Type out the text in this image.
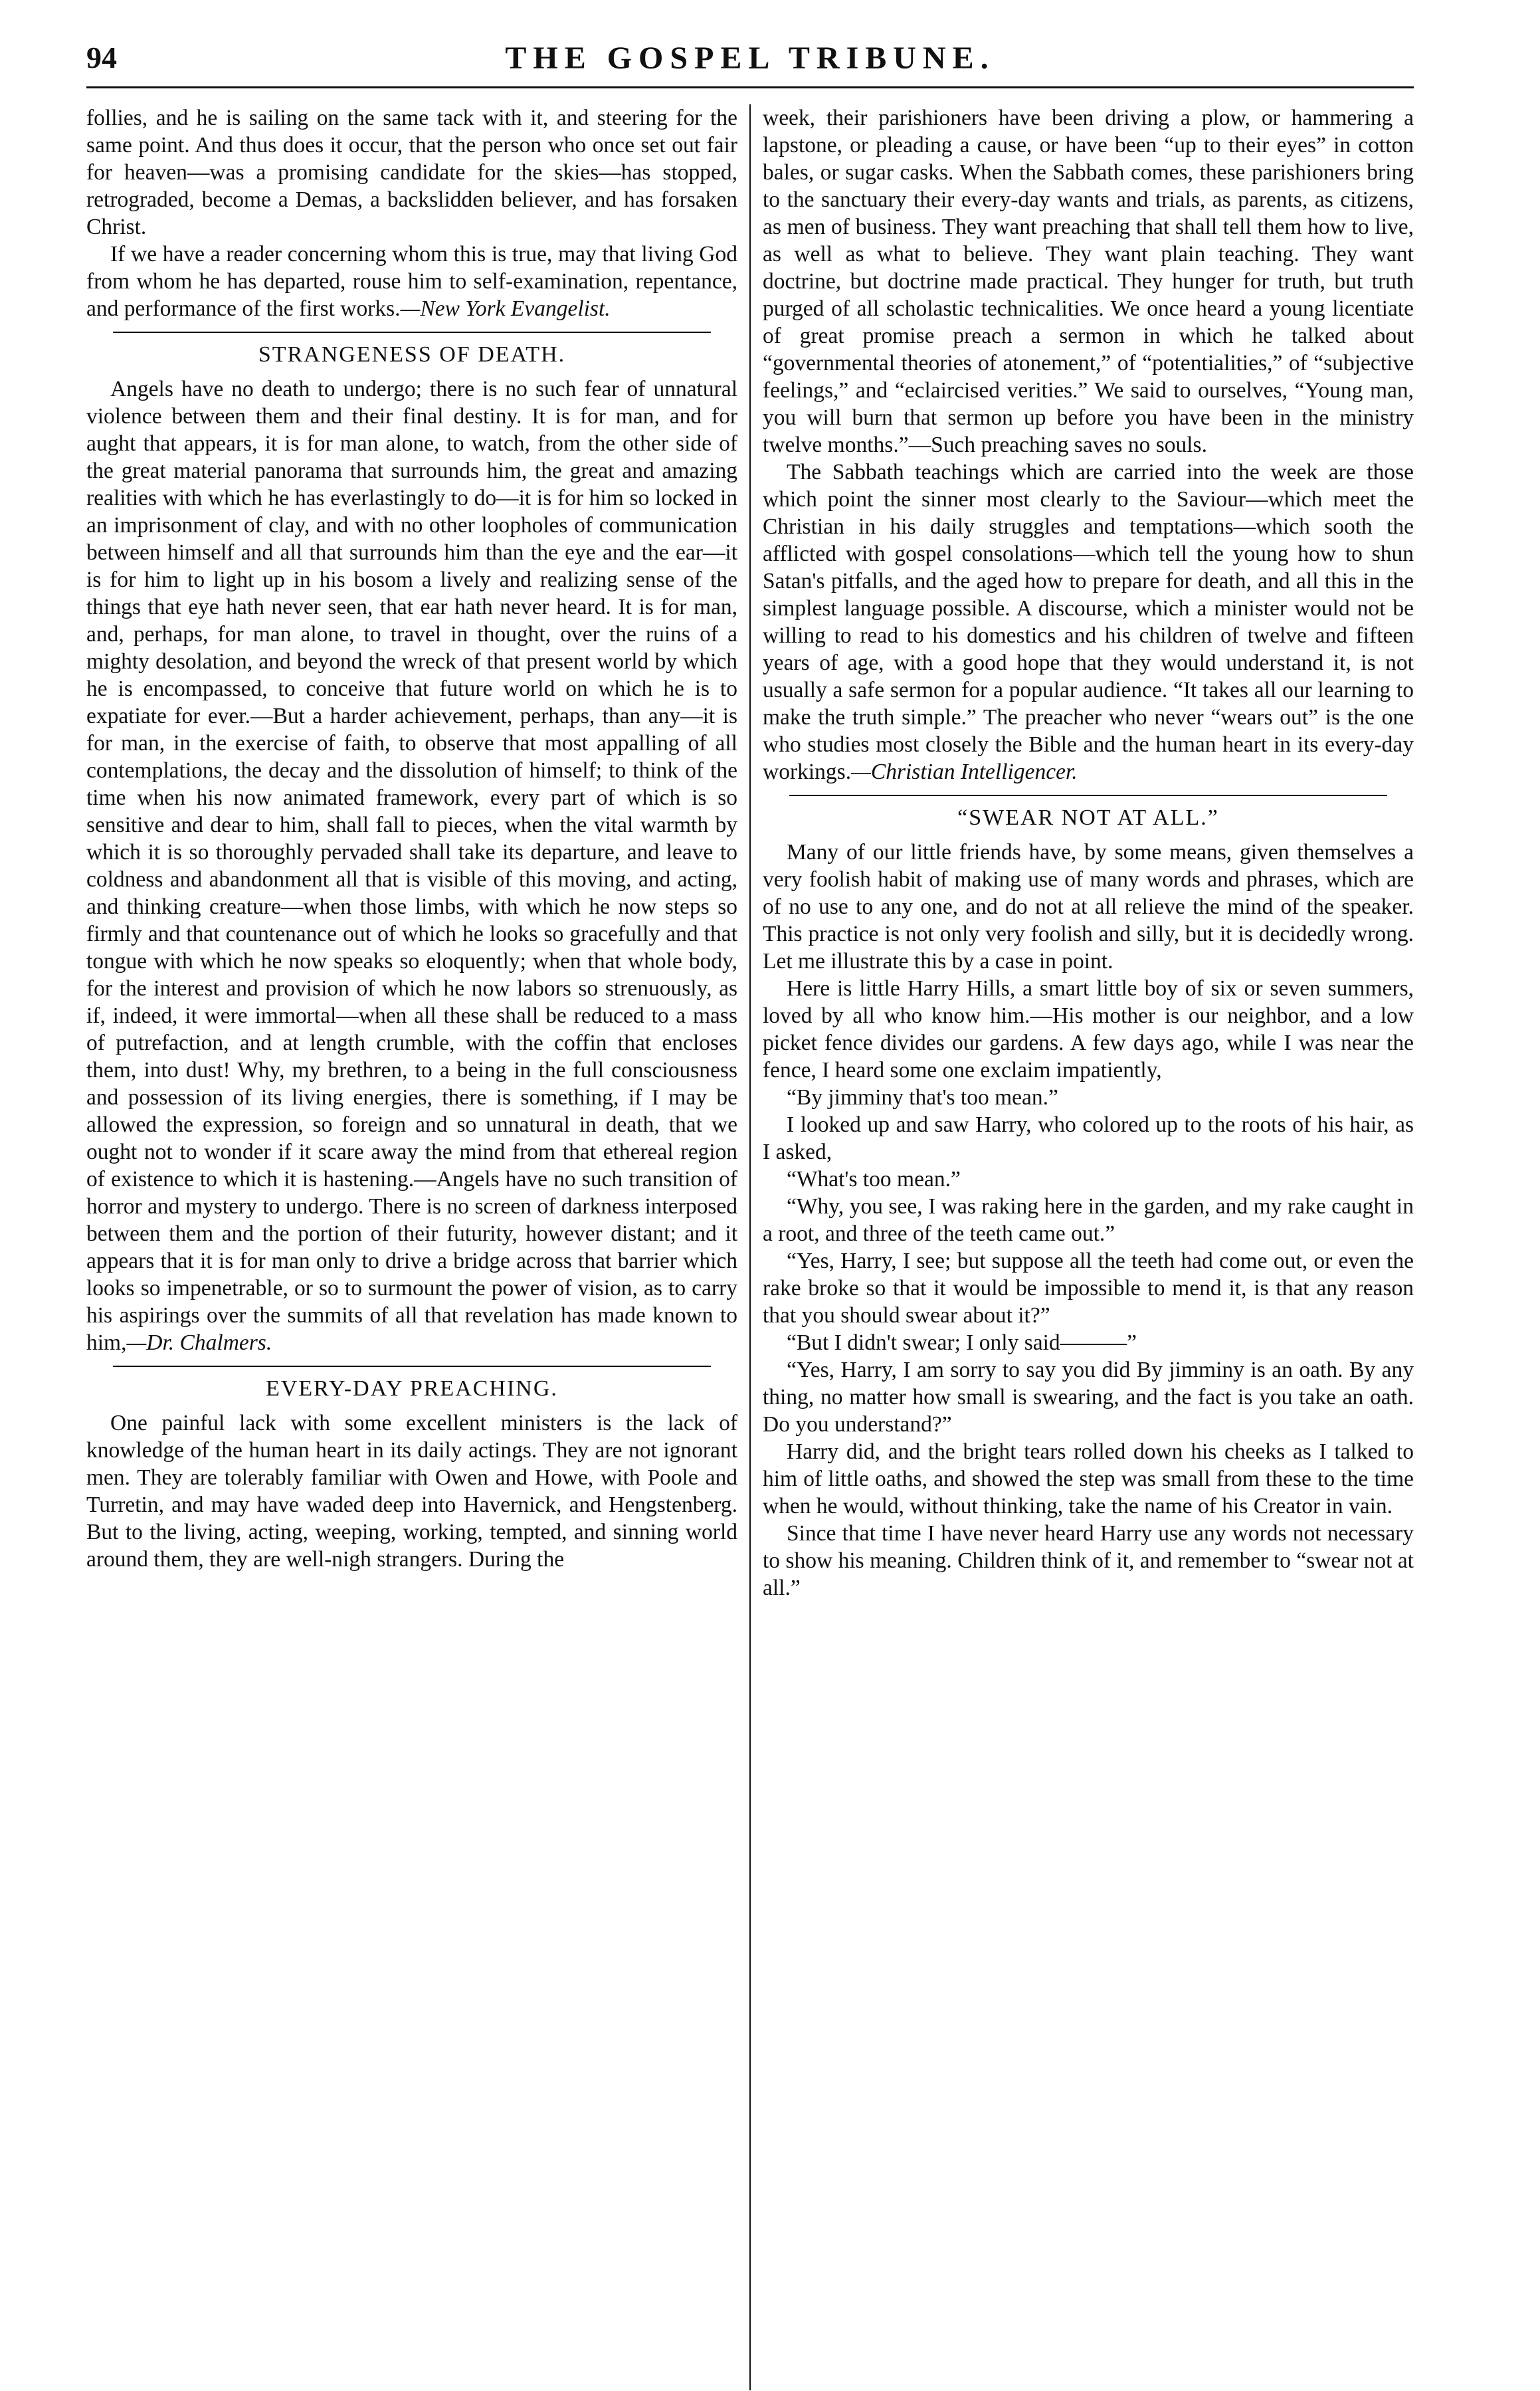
94	THE GOSPEL TRIBUNE.

follies, and he is sailing on the same tack with it, and steering for the same point. And thus does it occur, that the person who once set out fair for heaven—was a promising candidate for the skies—has stopped, retrograded, become a Demas, a backslidden believer, and has forsaken Christ.

If we have a reader concerning whom this is true, may that living God from whom he has departed, rouse him to self-examination, repentance, and performance of the first works.—New York Evangelist.

STRANGENESS OF DEATH.

Angels have no death to undergo; there is no such fear of unnatural violence between them and their final destiny. It is for man, and for aught that appears, it is for man alone, to watch, from the other side of the great material panorama that surrounds him, the great and amazing realities with which he has everlastingly to do—it is for him so locked in an imprisonment of clay, and with no other loopholes of communication between himself and all that surrounds him than the eye and the ear—it is for him to light up in his bosom a lively and realizing sense of the things that eye hath never seen, that ear hath never heard. It is for man, and, perhaps, for man alone, to travel in thought, over the ruins of a mighty desolation, and beyond the wreck of that present world by which he is encompassed, to conceive that future world on which he is to expatiate for ever.—But a harder achievement, perhaps, than any—it is for man, in the exercise of faith, to observe that most appalling of all contemplations, the decay and the dissolution of himself; to think of the time when his now animated framework, every part of which is so sensitive and dear to him, shall fall to pieces, when the vital warmth by which it is so thoroughly pervaded shall take its departure, and leave to coldness and abandonment all that is visible of this moving, and acting, and thinking creature—when those limbs, with which he now steps so firmly and that countenance out of which he looks so gracefully and that tongue with which he now speaks so eloquently; when that whole body, for the interest and provision of which he now labors so strenuously, as if, indeed, it were immortal—when all these shall be reduced to a mass of putrefaction, and at length crumble, with the coffin that encloses them, into dust! Why, my brethren, to a being in the full consciousness and possession of its living energies, there is something, if I may be allowed the expression, so foreign and so unnatural in death, that we ought not to wonder if it scare away the mind from that ethereal region of existence to which it is hastening.—Angels have no such transition of horror and mystery to undergo. There is no screen of darkness interposed between them and the portion of their futurity, however distant; and it appears that it is for man only to drive a bridge across that barrier which looks so impenetrable, or so to surmount the power of vision, as to carry his aspirings over the summits of all that revelation has made known to him,—Dr. Chalmers.

EVERY-DAY PREACHING.

One painful lack with some excellent ministers is the lack of knowledge of the human heart in its daily actings. They are not ignorant men. They are tolerably familiar with Owen and Howe, with Poole and Turretin, and may have waded deep into Havernick, and Hengstenberg. But to the living, acting, weeping, working, tempted, and sinning world around them, they are well-nigh strangers. During the

week, their parishioners have been driving a plow, or hammering a lapstone, or pleading a cause, or have been “up to their eyes” in cotton bales, or sugar casks. When the Sabbath comes, these parishioners bring to the sanctuary their every-day wants and trials, as parents, as citizens, as men of business. They want preaching that shall tell them how to live, as well as what to believe. They want plain teaching. They want doctrine, but doctrine made practical. They hunger for truth, but truth purged of all scholastic technicalities. We once heard a young licentiate of great promise preach a sermon in which he talked about “governmental theories of atonement,” of “potentialities,” of “subjective feelings,” and “eclaircised verities.” We said to ourselves, “Young man, you will burn that sermon up before you have been in the ministry twelve months.”—Such preaching saves no souls.

The Sabbath teachings which are carried into the week are those which point the sinner most clearly to the Saviour—which meet the Christian in his daily struggles and temptations—which sooth the afflicted with gospel consolations—which tell the young how to shun Satan's pitfalls, and the aged how to prepare for death, and all this in the simplest language possible. A discourse, which a minister would not be willing to read to his domestics and his children of twelve and fifteen years of age, with a good hope that they would understand it, is not usually a safe sermon for a popular audience. “It takes all our learning to make the truth simple.” The preacher who never “wears out” is the one who studies most closely the Bible and the human heart in its every-day workings.—Christian Intelligencer.

“SWEAR NOT AT ALL.”

Many of our little friends have, by some means, given themselves a very foolish habit of making use of many words and phrases, which are of no use to any one, and do not at all relieve the mind of the speaker. This practice is not only very foolish and silly, but it is decidedly wrong. Let me illustrate this by a case in point.

Here is little Harry Hills, a smart little boy of six or seven summers, loved by all who know him.—His mother is our neighbor, and a low picket fence divides our gardens. A few days ago, while I was near the fence, I heard some one exclaim impatiently,

“By jimminy that's too mean.”

I looked up and saw Harry, who colored up to the roots of his hair, as I asked,

“What's too mean.”

“Why, you see, I was raking here in the garden, and my rake caught in a root, and three of the teeth came out.”

“Yes, Harry, I see; but suppose all the teeth had come out, or even the rake broke so that it would be impossible to mend it, is that any reason that you should swear about it?”

“But I didn't swear; I only said———”

“Yes, Harry, I am sorry to say you did By jimminy is an oath. By any thing, no matter how small is swearing, and the fact is you take an oath. Do you understand?”

Harry did, and the bright tears rolled down his cheeks as I talked to him of little oaths, and showed the step was small from these to the time when he would, without thinking, take the name of his Creator in vain.

Since that time I have never heard Harry use any words not necessary to show his meaning. Children think of it, and remember to “swear not at all.”
